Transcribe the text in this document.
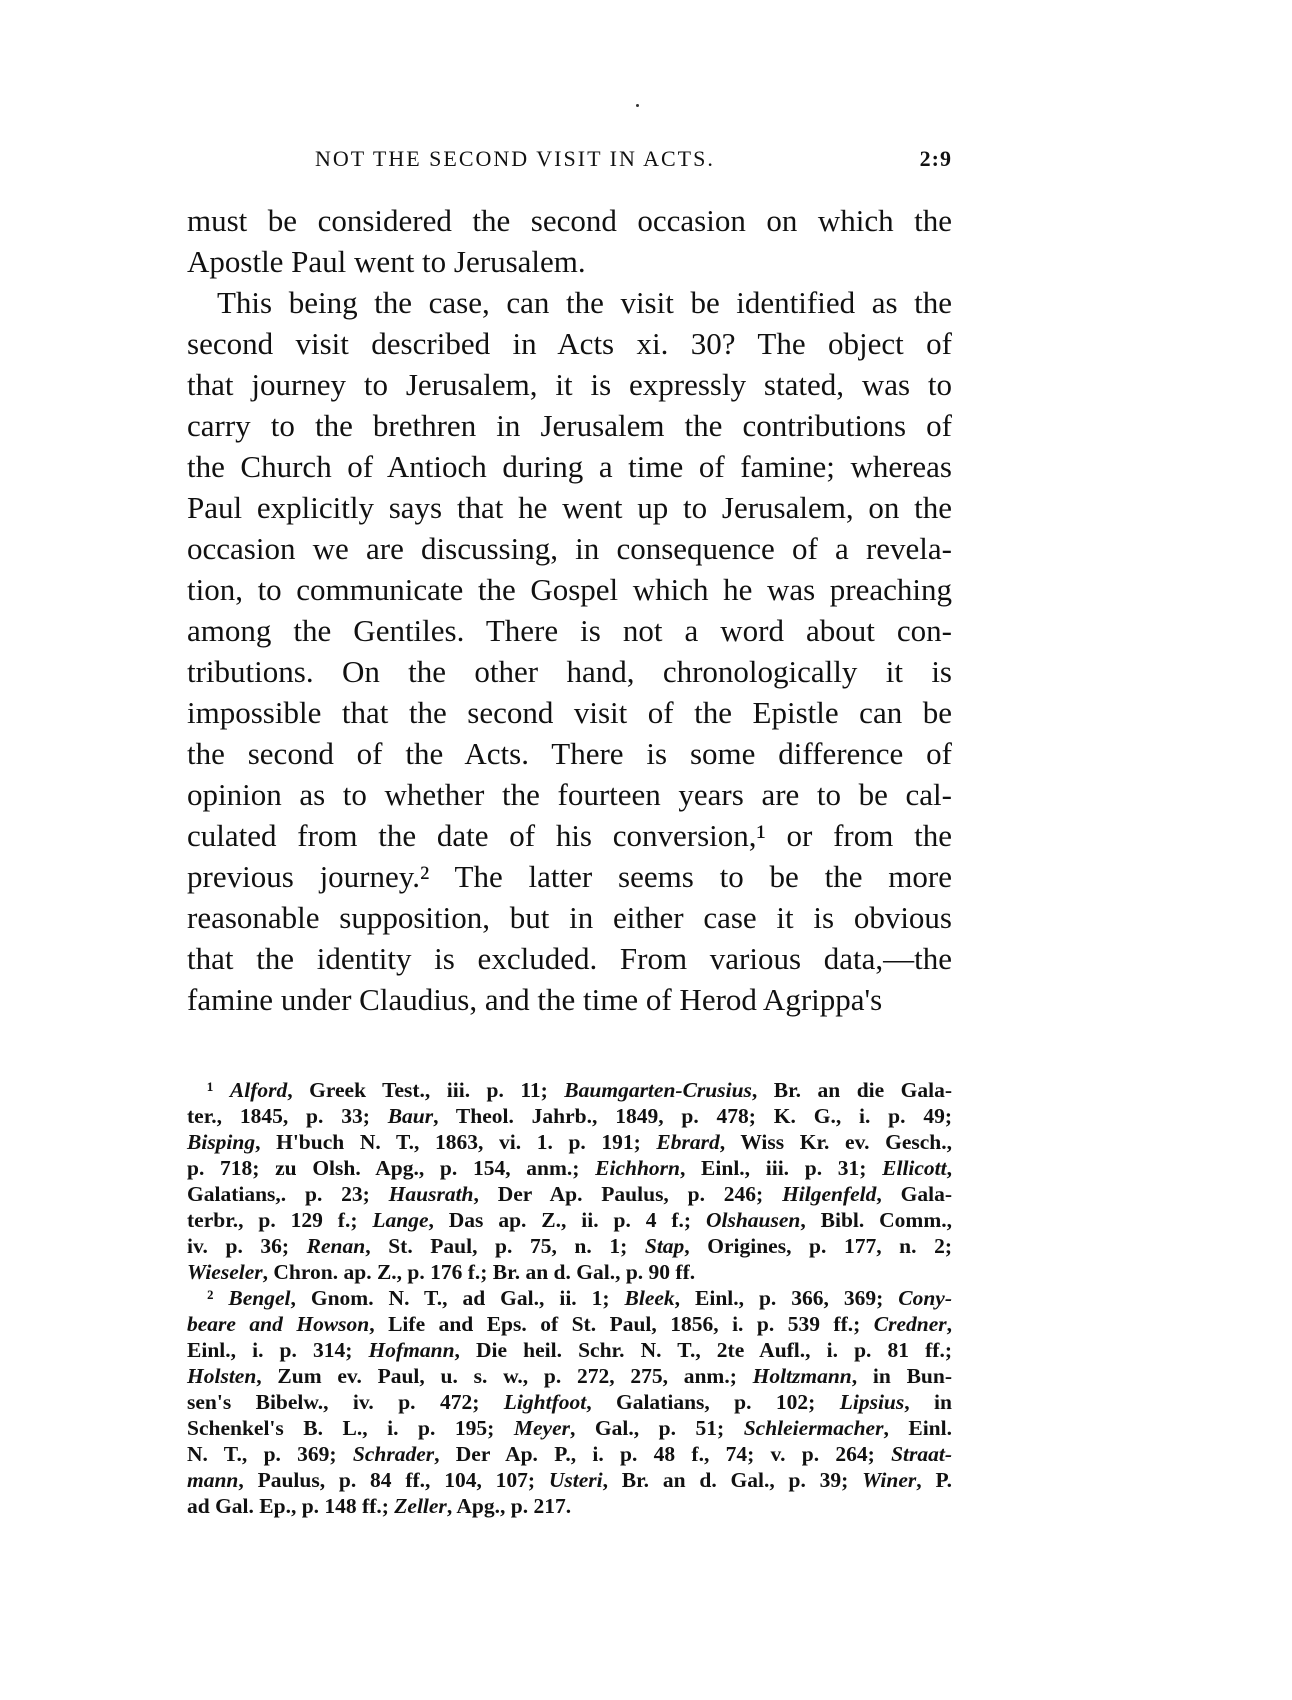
NOT THE SECOND VISIT IN ACTS.	2:9
must be considered the second occasion on which the
Apostle Paul went to Jerusalem.
This being the case, can the visit be identified as the
second visit described in Acts xi. 30? The object of
that journey to Jerusalem, it is expressly stated, was to
carry to the brethren in Jerusalem the contributions of
the Church of Antioch during a time of famine; whereas
Paul explicitly says that he went up to Jerusalem, on the
occasion we are discussing, in consequence of a revela-
tion, to communicate the Gospel which he was preaching
among the Gentiles. There is not a word about con-
tributions. On the other hand, chronologically it is
impossible that the second visit of the Epistle can be
the second of the Acts. There is some difference of
opinion as to whether the fourteen years are to be cal-
culated from the date of his conversion,¹ or from the
previous journey.² The latter seems to be the more
reasonable supposition, but in either case it is obvious
that the identity is excluded. From various data,—the
famine under Claudius, and the time of Herod Agrippa's
¹ Alford, Greek Test., iii. p. 11; Baumgarten-Crusius, Br. an die Gala-
ter., 1845, p. 33; Baur, Theol. Jahrb., 1849, p. 478; K. G., i. p. 49;
Bisping, H'buch N. T., 1863, vi. 1. p. 191; Ebrard, Wiss Kr. ev. Gesch.,
p. 718; zu Olsh. Apg., p. 154, anm.; Eichhorn, Einl., iii. p. 31; Ellicott,
Galatians,. p. 23; Hausrath, Der Ap. Paulus, p. 246; Hilgenfeld, Gala-
terbr., p. 129 f.; Lange, Das ap. Z., ii. p. 4 f.; Olshausen, Bibl. Comm.,
iv. p. 36; Renan, St. Paul, p. 75, n. 1; Stap, Origines, p. 177, n. 2;
Wieseler, Chron. ap. Z., p. 176 f.; Br. an d. Gal., p. 90 ff.
² Bengel, Gnom. N. T., ad Gal., ii. 1; Bleek, Einl., p. 366, 369; Cony-
beare and Howson, Life and Eps. of St. Paul, 1856, i. p. 539 ff.; Credner,
Einl., i. p. 314; Hofmann, Die heil. Schr. N. T., 2te Aufl., i. p. 81 ff.;
Holsten, Zum ev. Paul, u. s. w., p. 272, 275, anm.; Holtzmann, in Bun-
sen's Bibelw., iv. p. 472; Lightfoot, Galatians, p. 102; Lipsius, in
Schenkel's B. L., i. p. 195; Meyer, Gal., p. 51; Schleiermacher, Einl.
N. T., p. 369; Schrader, Der Ap. P., i. p. 48 f., 74; v. p. 264; Straat-
mann, Paulus, p. 84 ff., 104, 107; Usteri, Br. an d. Gal., p. 39; Winer, P.
ad Gal. Ep., p. 148 ff.; Zeller, Apg., p. 217.
